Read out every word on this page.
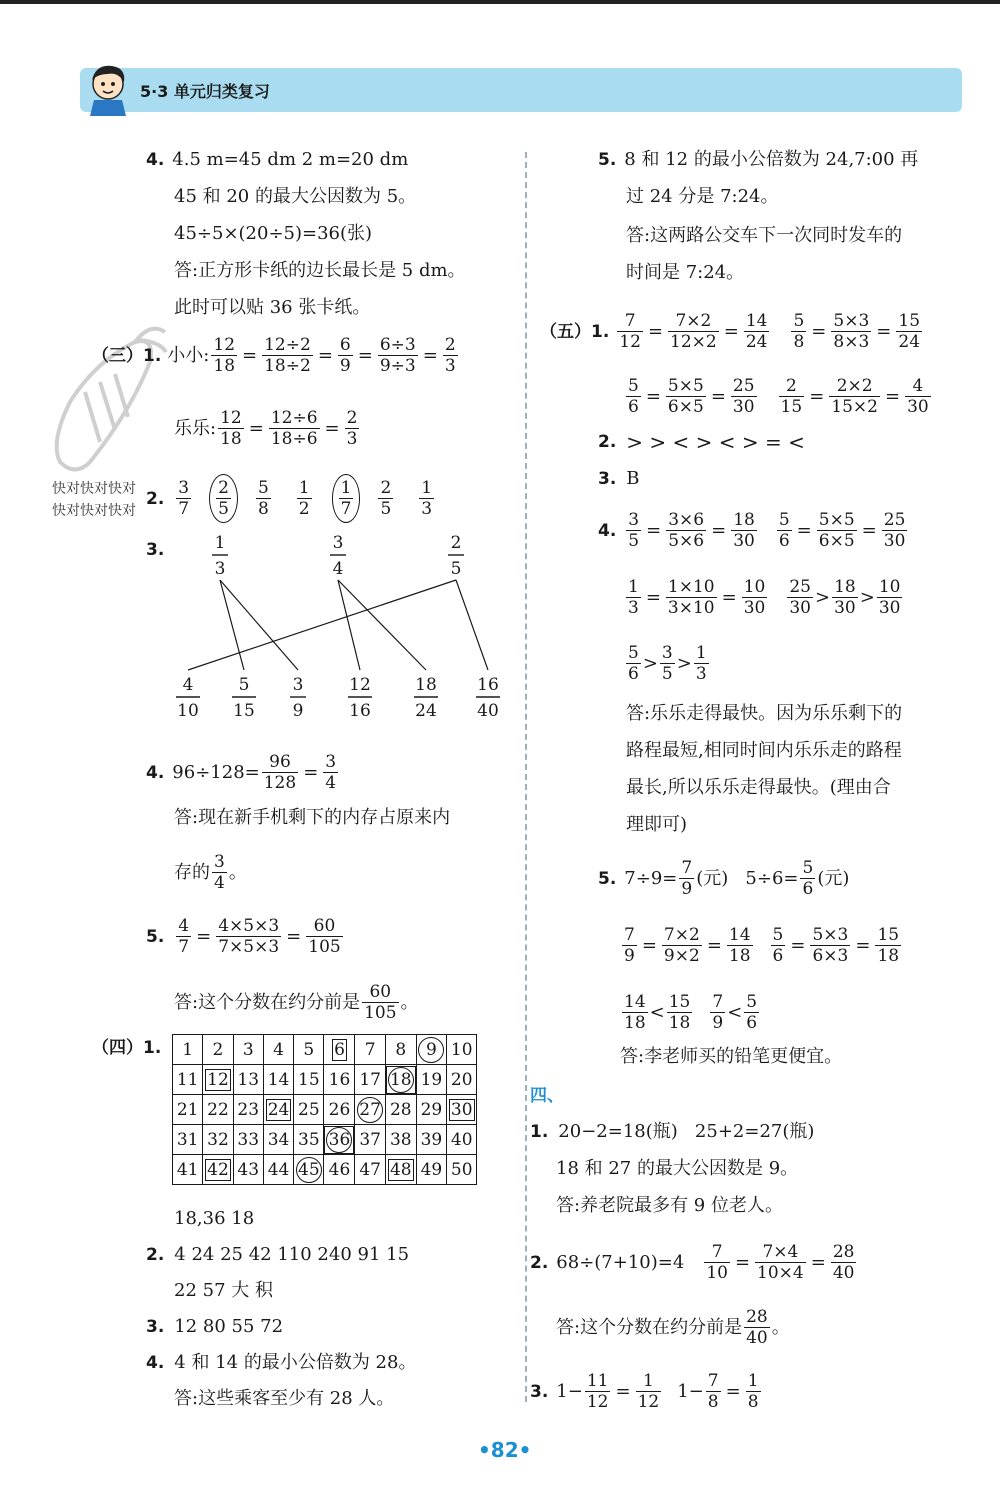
5·3 单元归类复习
4. 4.5 m=45 dm 2 m=20 dm
45 和 20 的最大公因数为 5。
45÷5×(20÷5)=36(张)
答:正方形卡纸的边长最长是 5 dm。
此时可以贴 36 张卡纸。
（三）1. 小小: $\frac{12}{18} = \frac{12\div 2}{18\div 2} = \frac{6}{9} = \frac{6\div 3}{9\div 3} = \frac{2}{3}$
乐乐: $\frac{12}{18} = \frac{12\div 6}{18\div 6} = \frac{2}{3}$
快对快对快对
快对快对快对
2.
3
7
2
5
5
8
1
2
1
7
2
5
1
3
3.	1
3
3
4
2
5
4
10
5
15
3
9
12
16
18
24
16
40
4. $96\div 128= \frac{96}{128} = \frac{3}{4}$
答:现在新手机剩下的内存占原来内
存的 3
4
。
5. $\frac{4}{7} = \frac{4\times 5\times 3}{7\times 5\times 3} = \frac{60}{105}$
答:这个分数在约分前是 60
105
。
（四）1. 1	2	3	4	5	6	7	8	9	10
11	12	13	14	15	16	17	18	19	20
21	22	23	24	25	26	27	28	29	30
31	32	33	34	35	36	37	38	39	40
41	42	43	44	45	46	47	48	49	50
18,36 18
2. 4 24 25 42 110 240 91 15
22 57 大 积
3. 12 80 55 72
4. 4 和 14 的最小公倍数为 28。
答:这些乘客至少有 28 人。
5. 8 和 12 的最小公倍数为 24,7:00 再
过 24 分是 7:24。
答:这两路公交车下一次同时发车的
时间是 7:24。
（五）1. $\frac{7}{12} = \frac{7\times 2}{12\times 2} = \frac{14}{24} \frac{5}{8} = \frac{5\times 3}{8\times 3} = \frac{15}{24}$
$\frac{5}{6} = \frac{5\times 5}{6\times 5} = \frac{25}{30} \frac{2}{15} = \frac{2\times 2}{15\times 2} = \frac{4}{30}$
2. > > < > < > = <
3. B
4. $\frac{3}{5} = \frac{3\times 6}{5\times 6} = \frac{18}{30} \frac{5}{6} = \frac{5\times 5}{6\times 5} = \frac{25}{30}$
$\frac{1}{3} = \frac{1\times 10}{3\times 10} = \frac{10}{30} 25$
30
> 18
30
> 10
30
5
6
> 3
5
> 1
3
答:乐乐走得最快。因为乐乐剩下的
路程最短,相同时间内乐乐走的路程
最长,所以乐乐走得最快。(理由合
理即可)
5. $7\div 9= \frac{7}{9}$ (元)   $5\div 6= \frac{5}{6}$ (元)
$\frac{7}{9} = \frac{7\times 2}{9\times 2} = \frac{14}{18} \frac{5}{6} = \frac{5\times 3}{6\times 3} = \frac{15}{18}$
14
18
< 15
18
7
9
< 5
6
答:李老师买的铅笔更便宜。
四、
1. 20−2=18(瓶)   25+2=27(瓶)
18 和 27 的最大公因数是 9。
答:养老院最多有 9 位老人。
2. $68\div(7+10)=4 \frac{7}{10} = \frac{7\times 4}{10\times 4} = \frac{28}{40}$
答:这个分数在约分前是 28
40
。
3. $1- \frac{11}{12} = \frac{1}{12} 1- \frac{7}{8} = \frac{1}{8}$
•82•
